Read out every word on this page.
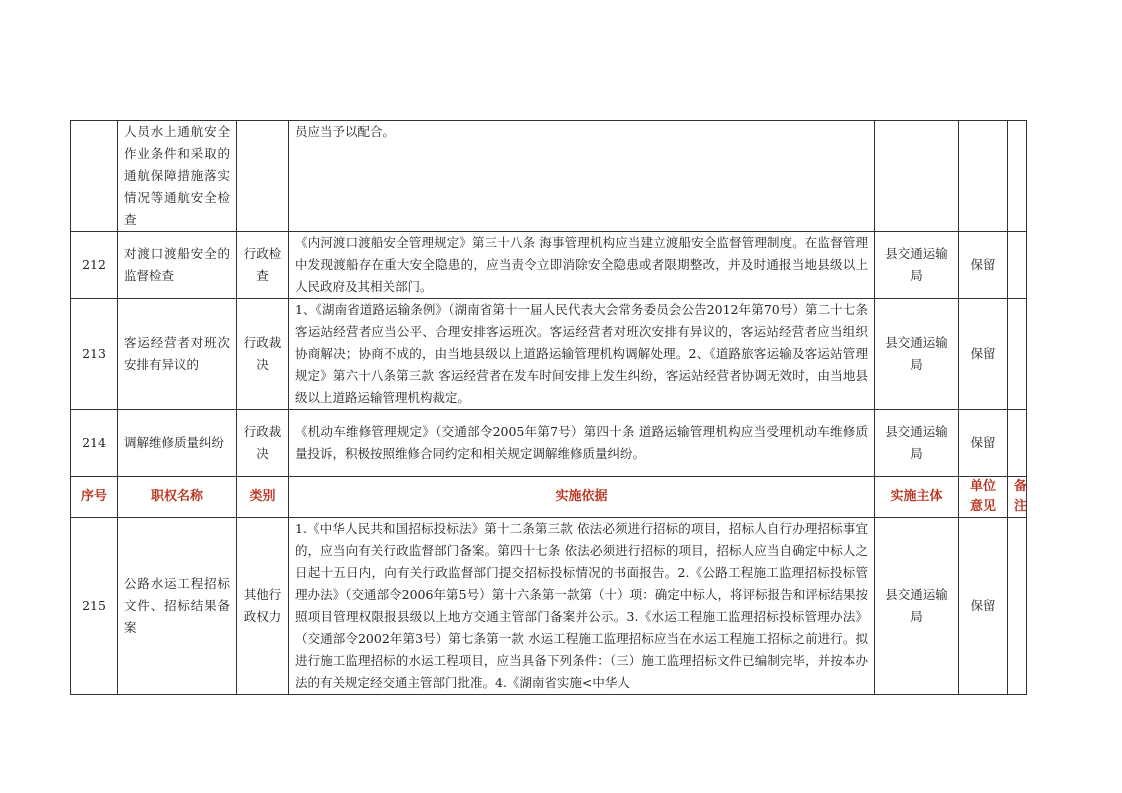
	人员水上通航安全作业条件和采取的通航保障措施落实情况等通航安全检查		员应当予以配合。			
212	对渡口渡船安全的监督检查	行政检查	《内河渡口渡船安全管理规定》第三十八条 海事管理机构应当建立渡船安全监督管理制度。在监督管理中发现渡船存在重大安全隐患的，应当责令立即消除安全隐患或者限期整改，并及时通报当地县级以上人民政府及其相关部门。	县交通运输局	保留	
213	客运经营者对班次安排有异议的	行政裁决	1、《湖南省道路运输条例》（湖南省第十一届人民代表大会常务委员会公告2012年第70号）第二十七条 客运站经营者应当公平、合理安排客运班次。客运经营者对班次安排有异议的，客运站经营者应当组织协商解决；协商不成的，由当地县级以上道路运输管理机构调解处理。2、《道路旅客运输及客运站管理规定》第六十八条第三款 客运经营者在发车时间安排上发生纠纷，客运站经营者协调无效时，由当地县级以上道路运输管理机构裁定。	县交通运输局	保留	
214	调解维修质量纠纷	行政裁决	《机动车维修管理规定》（交通部令2005年第7号）第四十条 道路运输管理机构应当受理机动车维修质量投诉，积极按照维修合同约定和相关规定调解维修质量纠纷。	县交通运输局	保留	
序号	职权名称	类别	实施依据	实施主体	单位意见	备注
215	公路水运工程招标文件、招标结果备案	其他行政权力	1.《中华人民共和国招标投标法》第十二条第三款 依法必须进行招标的项目，招标人自行办理招标事宜的，应当向有关行政监督部门备案。第四十七条 依法必须进行招标的项目，招标人应当自确定中标人之日起十五日内，向有关行政监督部门提交招标投标情况的书面报告。2.《公路工程施工监理招标投标管理办法》（交通部令2006年第5号）第十六条第一款第（十）项：确定中标人，将评标报告和评标结果按照项目管理权限报县级以上地方交通主管部门备案并公示。3.《水运工程施工监理招标投标管理办法》（交通部令2002年第3号）第七条第一款 水运工程施工监理招标应当在水运工程施工招标之前进行。拟进行施工监理招标的水运工程项目，应当具备下列条件：（三）施工监理招标文件已编制完毕，并按本办法的有关规定经交通主管部门批准。4.《湖南省实施<中华人	县交通运输局	保留	
